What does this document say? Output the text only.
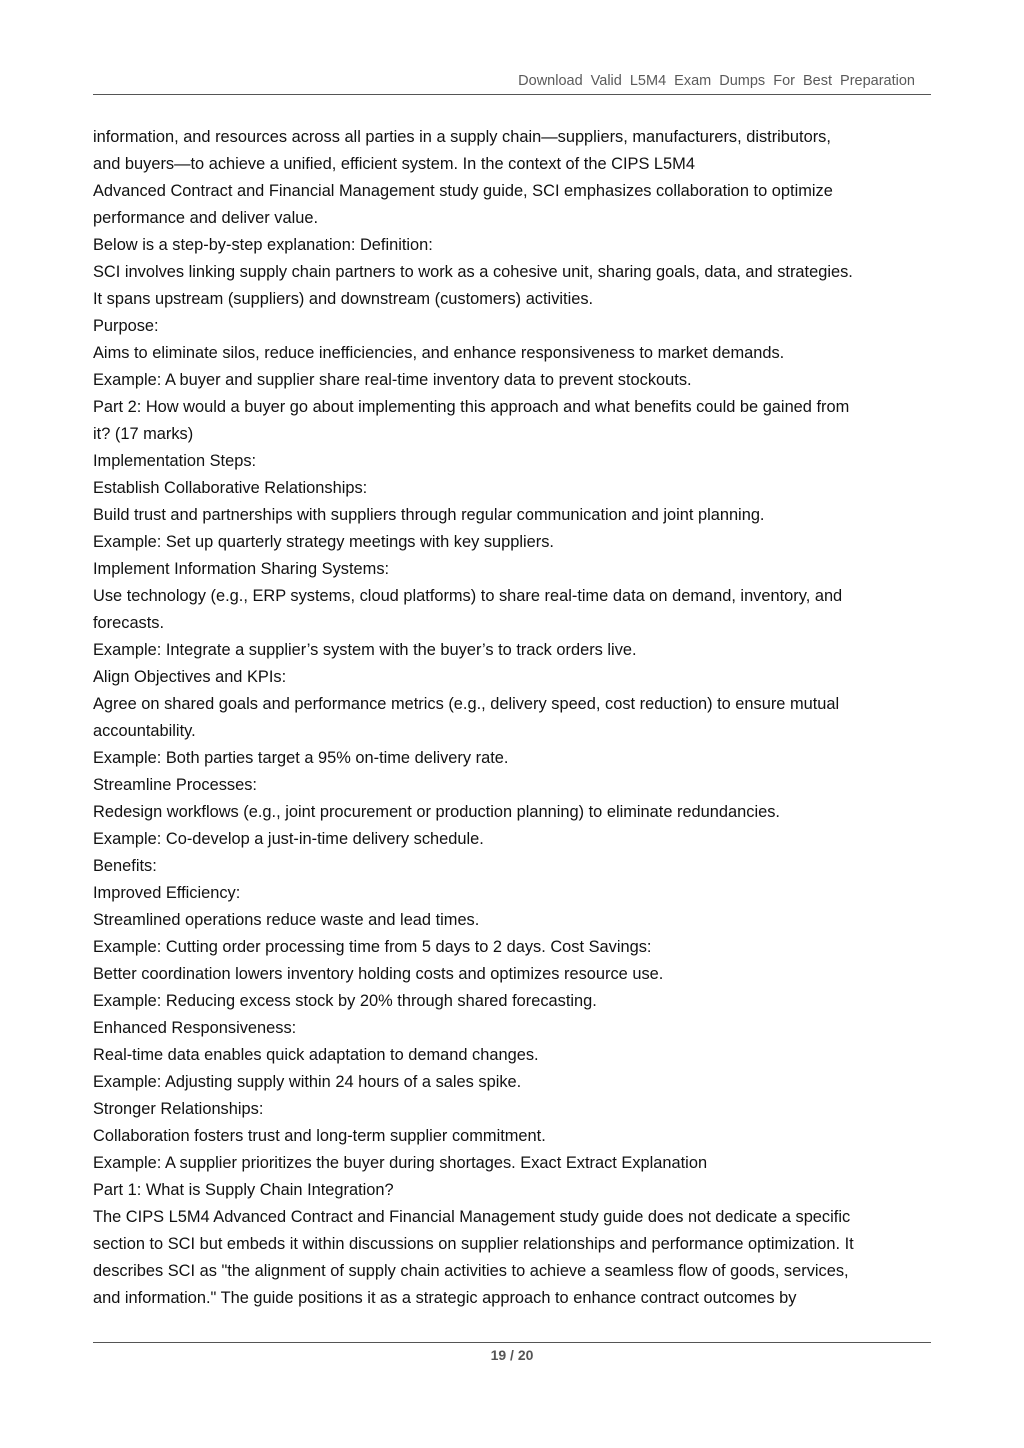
Download Valid L5M4 Exam Dumps For Best Preparation
information, and resources across all parties in a supply chain—suppliers, manufacturers, distributors,
and buyers—to achieve a unified, efficient system. In the context of the CIPS L5M4
Advanced Contract and Financial Management study guide, SCI emphasizes collaboration to optimize
performance and deliver value.
Below is a step-by-step explanation: Definition:
SCI involves linking supply chain partners to work as a cohesive unit, sharing goals, data, and strategies.
It spans upstream (suppliers) and downstream (customers) activities.
Purpose:
Aims to eliminate silos, reduce inefficiencies, and enhance responsiveness to market demands.
Example: A buyer and supplier share real-time inventory data to prevent stockouts.
Part 2: How would a buyer go about implementing this approach and what benefits could be gained from
it? (17 marks)
Implementation Steps:
Establish Collaborative Relationships:
Build trust and partnerships with suppliers through regular communication and joint planning.
Example: Set up quarterly strategy meetings with key suppliers.
Implement Information Sharing Systems:
Use technology (e.g., ERP systems, cloud platforms) to share real-time data on demand, inventory, and
forecasts.
Example: Integrate a supplier’s system with the buyer’s to track orders live.
Align Objectives and KPIs:
Agree on shared goals and performance metrics (e.g., delivery speed, cost reduction) to ensure mutual
accountability.
Example: Both parties target a 95% on-time delivery rate.
Streamline Processes:
Redesign workflows (e.g., joint procurement or production planning) to eliminate redundancies.
Example: Co-develop a just-in-time delivery schedule.
Benefits:
Improved Efficiency:
Streamlined operations reduce waste and lead times.
Example: Cutting order processing time from 5 days to 2 days. Cost Savings:
Better coordination lowers inventory holding costs and optimizes resource use.
Example: Reducing excess stock by 20% through shared forecasting.
Enhanced Responsiveness:
Real-time data enables quick adaptation to demand changes.
Example: Adjusting supply within 24 hours of a sales spike.
Stronger Relationships:
Collaboration fosters trust and long-term supplier commitment.
Example: A supplier prioritizes the buyer during shortages. Exact Extract Explanation
Part 1: What is Supply Chain Integration?
The CIPS L5M4 Advanced Contract and Financial Management study guide does not dedicate a specific
section to SCI but embeds it within discussions on supplier relationships and performance optimization. It
describes SCI as "the alignment of supply chain activities to achieve a seamless flow of goods, services,
and information." The guide positions it as a strategic approach to enhance contract outcomes by
19 / 20
